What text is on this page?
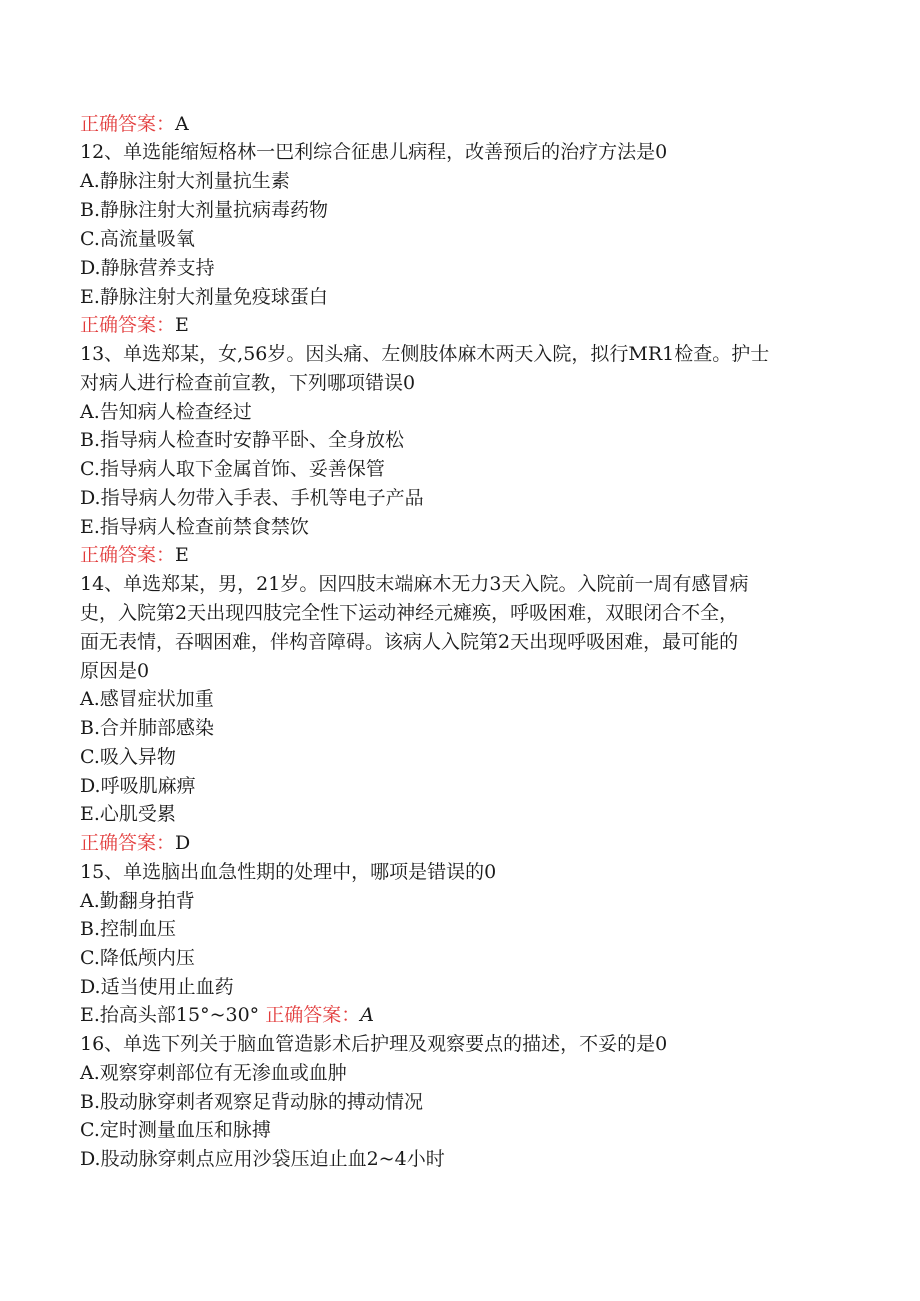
正确答案：A
12、单选能缩短格林一巴利综合征患儿病程，改善预后的治疗方法是0
A.静脉注射大剂量抗生素
B.静脉注射大剂量抗病毒药物
C.高流量吸氧
D.静脉营养支持
E.静脉注射大剂量免疫球蛋白
正确答案：E
13、单选郑某，女,56岁。因头痛、左侧肢体麻木两天入院，拟行MR1检查。护士
对病人进行检查前宣教，下列哪项错误0
A.告知病人检查经过
B.指导病人检查时安静平卧、全身放松
C.指导病人取下金属首饰、妥善保管
D.指导病人勿带入手表、手机等电子产品
E.指导病人检查前禁食禁饮
正确答案：E
14、单选郑某，男，21岁。因四肢末端麻木无力3天入院。入院前一周有感冒病
史，入院第2天出现四肢完全性下运动神经元瘫痪，呼吸困难，双眼闭合不全，
面无表情，吞咽困难，伴构音障碍。该病人入院第2天出现呼吸困难，最可能的
原因是0
A.感冒症状加重
B.合并肺部感染
C.吸入异物
D.呼吸肌麻痹
E.心肌受累
正确答案：D
15、单选脑出血急性期的处理中，哪项是错误的0
A.勤翻身拍背
B.控制血压
C.降低颅内压
D.适当使用止血药
E.抬高头部15°~30° 正确答案：A
16、单选下列关于脑血管造影术后护理及观察要点的描述，不妥的是0
A.观察穿刺部位有无渗血或血肿
B.股动脉穿刺者观察足背动脉的搏动情况
C.定时测量血压和脉搏
D.股动脉穿刺点应用沙袋压迫止血2~4小时
